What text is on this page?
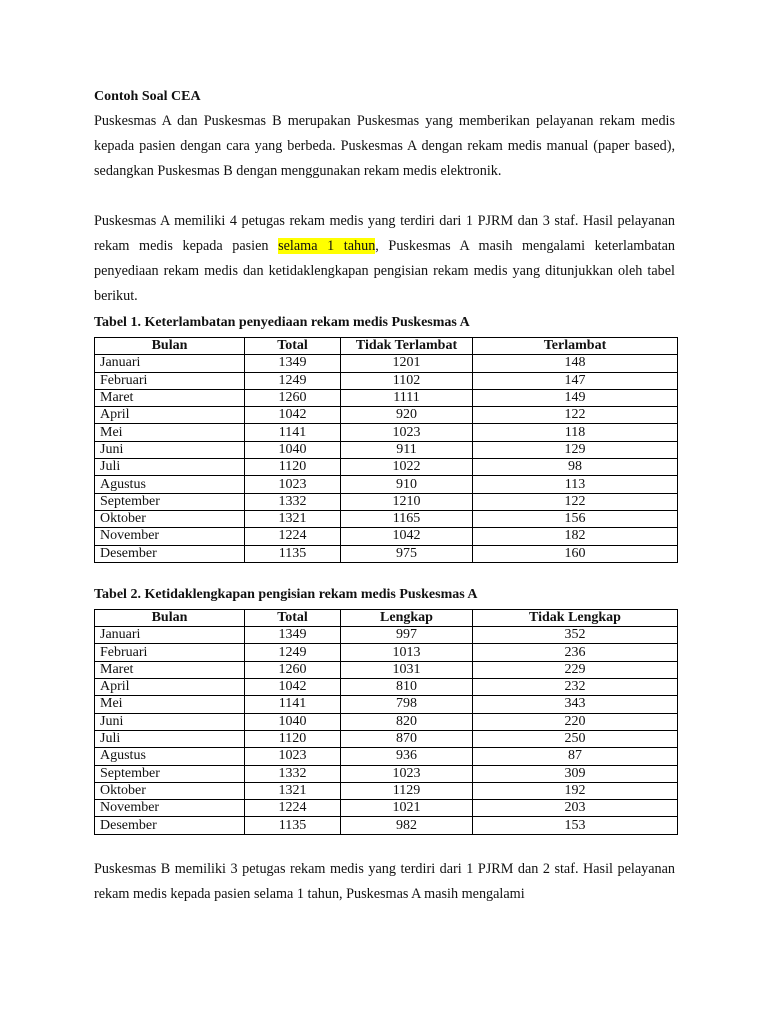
Contoh Soal CEA

Puskesmas A dan Puskesmas B merupakan Puskesmas yang memberikan pelayanan rekam medis kepada pasien dengan cara yang berbeda. Puskesmas A dengan rekam medis manual (paper based), sedangkan Puskesmas B dengan menggunakan rekam medis elektronik.

Puskesmas A memiliki 4 petugas rekam medis yang terdiri dari 1 PJRM dan 3 staf. Hasil pelayanan rekam medis kepada pasien selama 1 tahun, Puskesmas A masih mengalami keterlambatan penyediaan rekam medis dan ketidaklengkapan pengisian rekam medis yang ditunjukkan oleh tabel berikut.

Tabel 1. Keterlambatan penyediaan rekam medis Puskesmas A

Bulan	Total	Tidak Terlambat	Terlambat
Januari	1349	1201	148
Februari	1249	1102	147
Maret	1260	1111	149
April	1042	920	122
Mei	1141	1023	118
Juni	1040	911	129
Juli	1120	1022	98
Agustus	1023	910	113
September	1332	1210	122
Oktober	1321	1165	156
November	1224	1042	182
Desember	1135	975	160

Tabel 2. Ketidaklengkapan pengisian rekam medis Puskesmas A

Bulan	Total	Lengkap	Tidak Lengkap
Januari	1349	997	352
Februari	1249	1013	236
Maret	1260	1031	229
April	1042	810	232
Mei	1141	798	343
Juni	1040	820	220
Juli	1120	870	250
Agustus	1023	936	87
September	1332	1023	309
Oktober	1321	1129	192
November	1224	1021	203
Desember	1135	982	153

Puskesmas B memiliki 3 petugas rekam medis yang terdiri dari 1 PJRM dan 2 staf. Hasil pelayanan rekam medis kepada pasien selama 1 tahun, Puskesmas A masih mengalami
